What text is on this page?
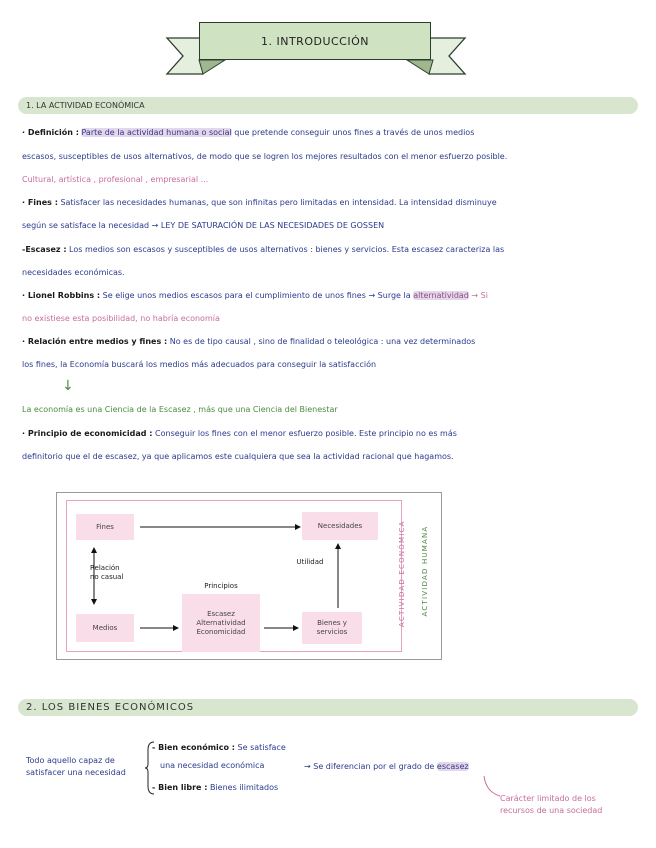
1. INTRODUCCIÓN
1. LA ACTIVIDAD ECONÓMICA
· Definición : Parte de la actividad humana o social que pretende conseguir unos fines a través de unos medios
escasos, susceptibles de usos alternativos, de modo que se logren los mejores resultados con el menor esfuerzo posible.
Cultural, artística , profesional , empresarial ...
· Fines : Satisfacer las necesidades humanas, que son infinitas pero limitadas en intensidad. La intensidad disminuye
según se satisface la necesidad → LEY DE SATURACIÓN DE LAS NECESIDADES DE GOSSEN
-Escasez : Los medios son escasos y susceptibles de usos alternativos : bienes y servicios. Esta escasez caracteriza las
necesidades económicas.
· Lionel Robbins : Se elige unos medios escasos para el cumplimiento de unos fines → Surge la alternatividad → Si
no existiese esta posibilidad, no habría economía
· Relación entre medios y fines : No es de tipo causal , sino de finalidad o teleológica : una vez determinados
los fines, la Economía buscará los medios más adecuados para conseguir la satisfacción
↓
La economía es una Ciencia de la Escasez , más que una Ciencia del Bienestar
· Principio de economicidad : Conseguir los fines con el menor esfuerzo posible. Este principio no es más
definitorio que el de escasez, ya que aplicamos este cualquiera que sea la actividad racional que hagamos.
Fines	Necesidades
Medios
Escasez
Alternatividad
Economicidad
Bienes y
servicios
Principios
Relación
no casual
Utilidad	ACTIVIDAD ECONÓMICA ACTIVIDAD HUMANA
2. LOS BIENES ECONÓMICOS
Todo aquello capaz de
satisfacer una necesidad
- Bien económico : Se satisface
una necesidad económica
- Bien libre : Bienes ilimitados
→ Se diferencian por el grado de escasez
Carácter limitado de los
recursos de una sociedad
